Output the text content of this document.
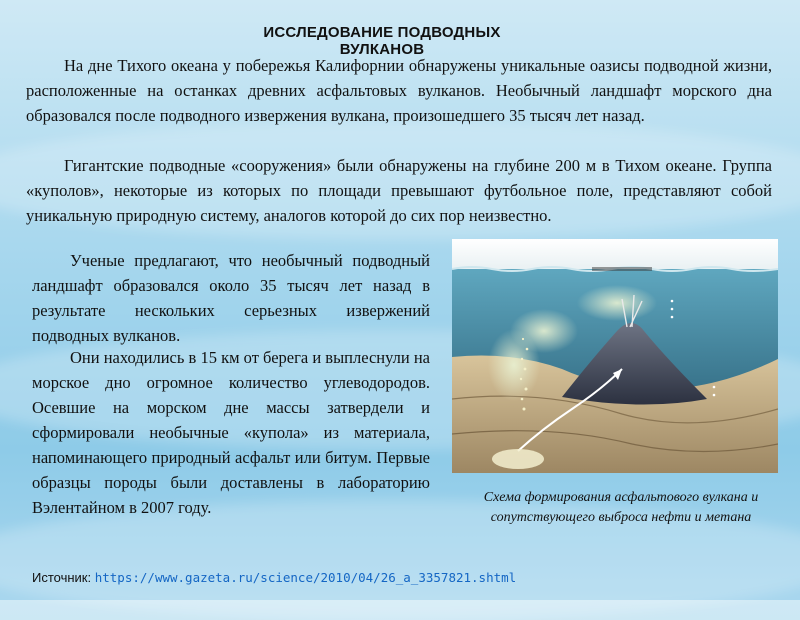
ИССЛЕДОВАНИЕ ПОДВОДНЫХ ВУЛКАНОВ
На дне Тихого океана у побережья Калифорнии обнаружены уникальные оазисы подводной жизни, расположенные на останках древних асфальтовых вулканов. Необычный ландшафт морского дна образовался после подводного извержения вулкана, произошедшего 35 тысяч лет назад.
Гигантские подводные «сооружения» были обнаружены на глубине 200 м в Тихом океане. Группа «куполов», некоторые из которых по площади превышают футбольное поле, представляют собой уникальную природную систему, аналогов которой до сих пор неизвестно.
Ученые предлагают, что необычный подводный ландшафт образовался около 35 тысяч лет назад в результате нескольких серьезных извержений подводных вулканов.
Они находились в 15 км от берега и выплеснули на морское дно огромное количество углеводородов. Осевшие на морском дне массы затвердели и сформировали необычные «купола» из материала, напоминающего природный асфальт или битум. Первые образцы породы были доставлены в лабораторию Вэлентайном в 2007 году.
Схема формирования асфальтового вулкана и сопутствующего выброса нефти и метана
Источник: https://www.gazeta.ru/science/2010/04/26_a_3357821.shtml
